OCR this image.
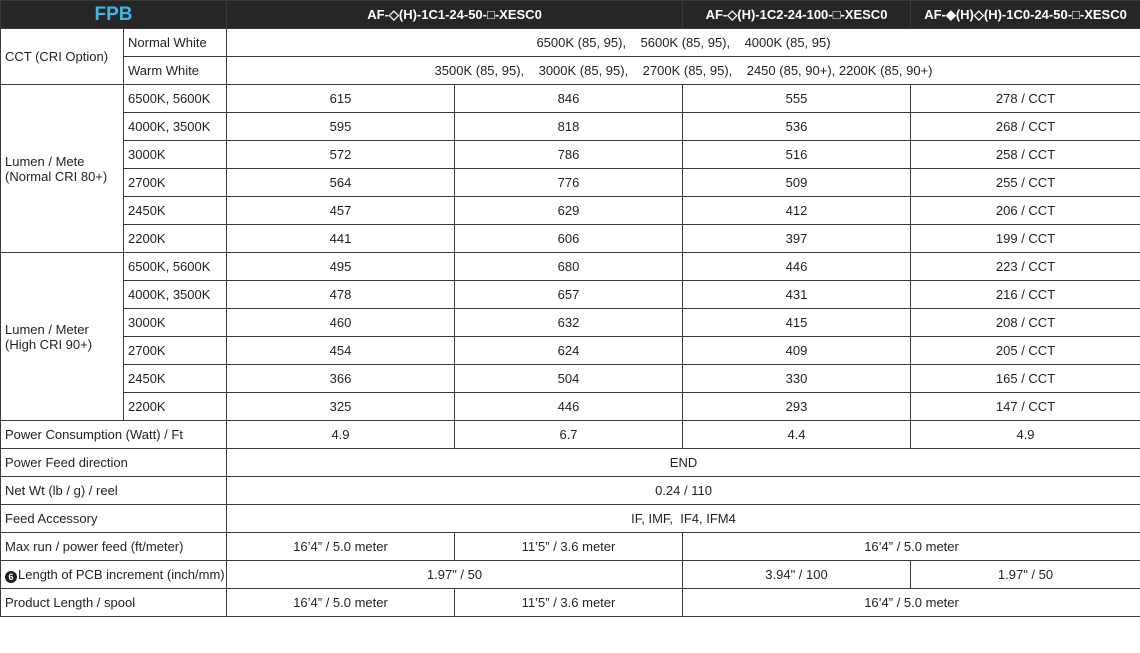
FPB		AF-◇(H)-1C1-24-50-□-XESC0		AF-◇(H)-1C2-24-100-□-XESC0	AF-◆(H)◇(H)-1C0-24-50-□-XESC0
CCT (CRI Option)	Normal White	6500K (85, 95),    5600K (85, 95),    4000K (85, 95)			
	Warm White	3500K (85, 95),    3000K (85, 95),    2700K (85, 95),    2450 (85, 90+), 2200K (85, 90+)			

Lumen / Mete
(Normal CRI 80+)	6500K, 5600K	615	846	555	278 / CCT
	4000K, 3500K	595	818	536	268 / CCT
	3000K	572	786	516	258 / CCT
	2700K	564	776	509	255 / CCT
	2450K	457	629	412	206 / CCT
	2200K	441	606	397	199 / CCT

Lumen / Meter
(High CRI 90+)	6500K, 5600K	495	680	446	223 / CCT
	4000K, 3500K	478	657	431	216 / CCT
	3000K	460	632	415	208 / CCT
	2700K	454	624	409	205 / CCT
	2450K	366	504	330	165 / CCT
	2200K	325	446	293	147 / CCT
Power Consumption (Watt) / Ft		4.9	6.7	4.4	4.9
Power Feed direction		END			
Net Wt (lb / g) / reel		0.24 / 110			
Feed Accessory		IF, IMF,  IF4, IFM4			
Max run / power feed (ft/meter)		16’4” / 5.0 meter	11’5” / 3.6 meter	16’4” / 5.0 meter	
6 Length of PCB increment (inch/mm)		1.97" / 50		3.94" / 100	1.97" / 50
Product Length / spool		16’4” / 5.0 meter	11’5” / 3.6 meter	16’4” / 5.0 meter	
